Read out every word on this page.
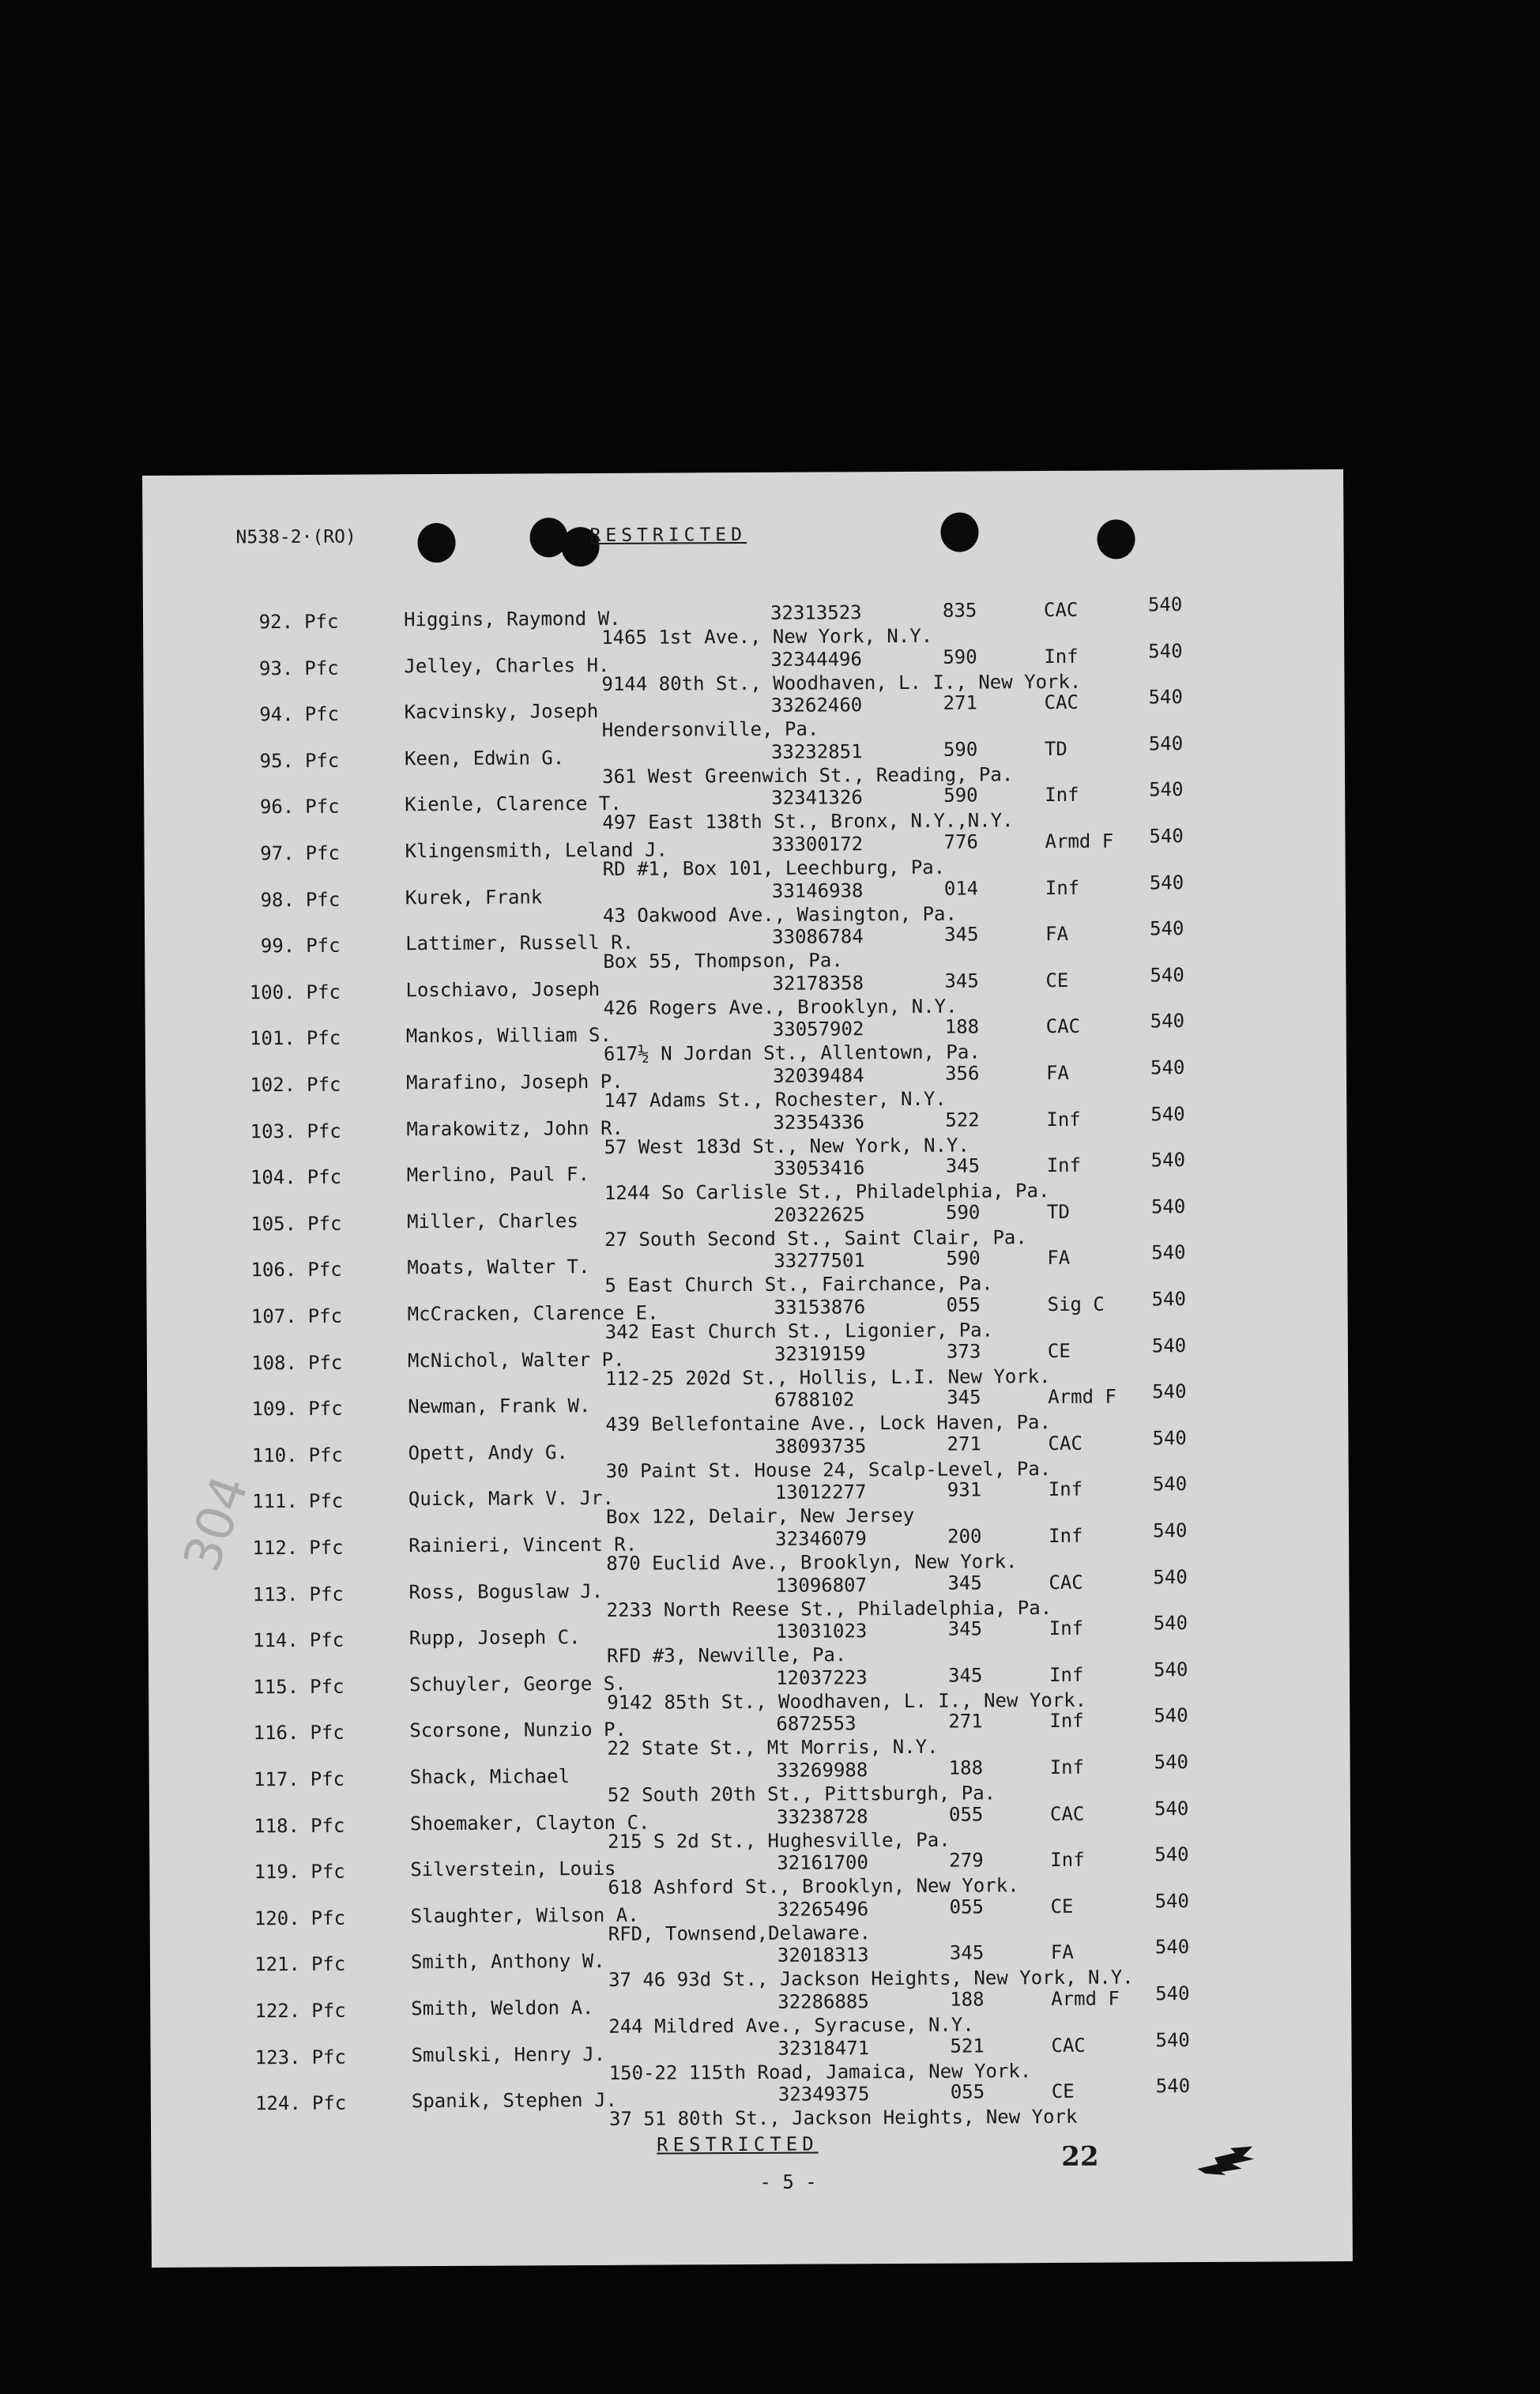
N538-2·(RO)	RESTRICTED
304
92. Pfc	Higgins, Raymond W.	32313523	835	CAC	540
1465 1st Ave., New York, N.Y.
93. Pfc	Jelley, Charles H.	32344496	590	Inf	540
9144 80th St., Woodhaven, L. I., New York.
94. Pfc	Kacvinsky, Joseph	33262460	271	CAC	540
Hendersonville, Pa.
95. Pfc	Keen, Edwin G.	33232851	590	TD	540
361 West Greenwich St., Reading, Pa.
96. Pfc	Kienle, Clarence T.	32341326	590	Inf	540
497 East 138th St., Bronx, N.Y.,N.Y.
97. Pfc	Klingensmith, Leland J.	33300172	776	Armd F 540
RD #1, Box 101, Leechburg, Pa.
98. Pfc	Kurek, Frank	33146938	014	Inf	540
43 Oakwood Ave., Wasington, Pa.
99. Pfc	Lattimer, Russell R.	33086784	345	FA	540
Box 55, Thompson, Pa.
100. Pfc	Loschiavo, Joseph	32178358	345	CE	540
426 Rogers Ave., Brooklyn, N.Y.
101. Pfc	Mankos, William S.	33057902	188	CAC	540
617½ N Jordan St., Allentown, Pa.
102. Pfc	Marafino, Joseph P.	32039484	356	FA	540
147 Adams St., Rochester, N.Y.
103. Pfc	Marakowitz, John R.	32354336	522	Inf	540
57 West 183d St., New York, N.Y.
104. Pfc	Merlino, Paul F.	33053416	345	Inf	540
1244 So Carlisle St., Philadelphia, Pa.
105. Pfc	Miller, Charles	20322625	590	TD	540
27 South Second St., Saint Clair, Pa.
106. Pfc	Moats, Walter T.	33277501	590	FA	540
5 East Church St., Fairchance, Pa.
107. Pfc	McCracken, Clarence E.	33153876	055	Sig C 540
342 East Church St., Ligonier, Pa.
108. Pfc	McNichol, Walter P.	32319159	373	CE	540
112-25 202d St., Hollis, L.I. New York.
109. Pfc	Newman, Frank W.	6788102	345	Armd F 540
439 Bellefontaine Ave., Lock Haven, Pa.
110. Pfc	Opett, Andy G.	38093735	271	CAC	540
30 Paint St. House 24, Scalp-Level, Pa.
111. Pfc	Quick, Mark V. Jr.	13012277	931	Inf	540
Box 122, Delair, New Jersey
112. Pfc	Rainieri, Vincent R.	32346079	200	Inf	540
870 Euclid Ave., Brooklyn, New York.
113. Pfc	Ross, Boguslaw J.	13096807	345	CAC	540
2233 North Reese St., Philadelphia, Pa.
114. Pfc	Rupp, Joseph C.	13031023	345	Inf	540
RFD #3, Newville, Pa.
115. Pfc	Schuyler, George S.	12037223	345	Inf	540
9142 85th St., Woodhaven, L. I., New York.
116. Pfc	Scorsone, Nunzio P.	6872553	271	Inf	540
22 State St., Mt Morris, N.Y.
117. Pfc	Shack, Michael	33269988	188	Inf	540
52 South 20th St., Pittsburgh, Pa.
118. Pfc	Shoemaker, Clayton C.	33238728	055	CAC	540
215 S 2d St., Hughesville, Pa.
119. Pfc	Silverstein, Louis	32161700	279	Inf	540
618 Ashford St., Brooklyn, New York.
120. Pfc	Slaughter, Wilson A.	32265496	055	CE	540
RFD, Townsend,Delaware.
121. Pfc	Smith, Anthony W.	32018313	345	FA	540
37 46 93d St., Jackson Heights, New York, N.Y.
122. Pfc	Smith, Weldon A.	32286885	188	Armd F 540
244 Mildred Ave., Syracuse, N.Y.
123. Pfc	Smulski, Henry J.	32318471	521	CAC	540
150-22 115th Road, Jamaica, New York.
124. Pfc	Spanik, Stephen J.	32349375	055	CE	540
37 51 80th St., Jackson Heights, New York
RESTRICTED
- 5 -
22
